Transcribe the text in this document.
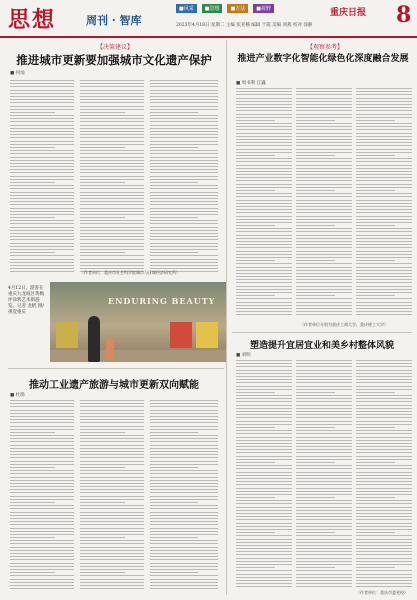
思想	周刊 · 智库
■风采	■思想	■方法	■视野
2023年4月18日 星期二 主编 张亚楠 编辑 于霞 美编 刘燕 校对 徐静
重庆日报 8
【决策建议】
推进城市更新要加强城市文化遗产保护
■ 何灿
【观察参考】
推进产业数字化智能化绿色化深度融合发展
■ 周书利 江巍
4月12日，游客在重庆九龙坡区黄桷坪涂鸦艺术街游览。记者 龙帆 摄/视觉重庆
ENDURING BEAUTY
推动工业遗产旅游与城市更新双向赋能
■ 杜鹃
塑造提升宜居宜业和美乡村整体风貌
■ 刘明
（作者单位：重庆市社会科学院城市与区域经济研究所）
（作者单位分别为重庆工商大学、重庆理工大学）
（作者单位：重庆市委党校）
